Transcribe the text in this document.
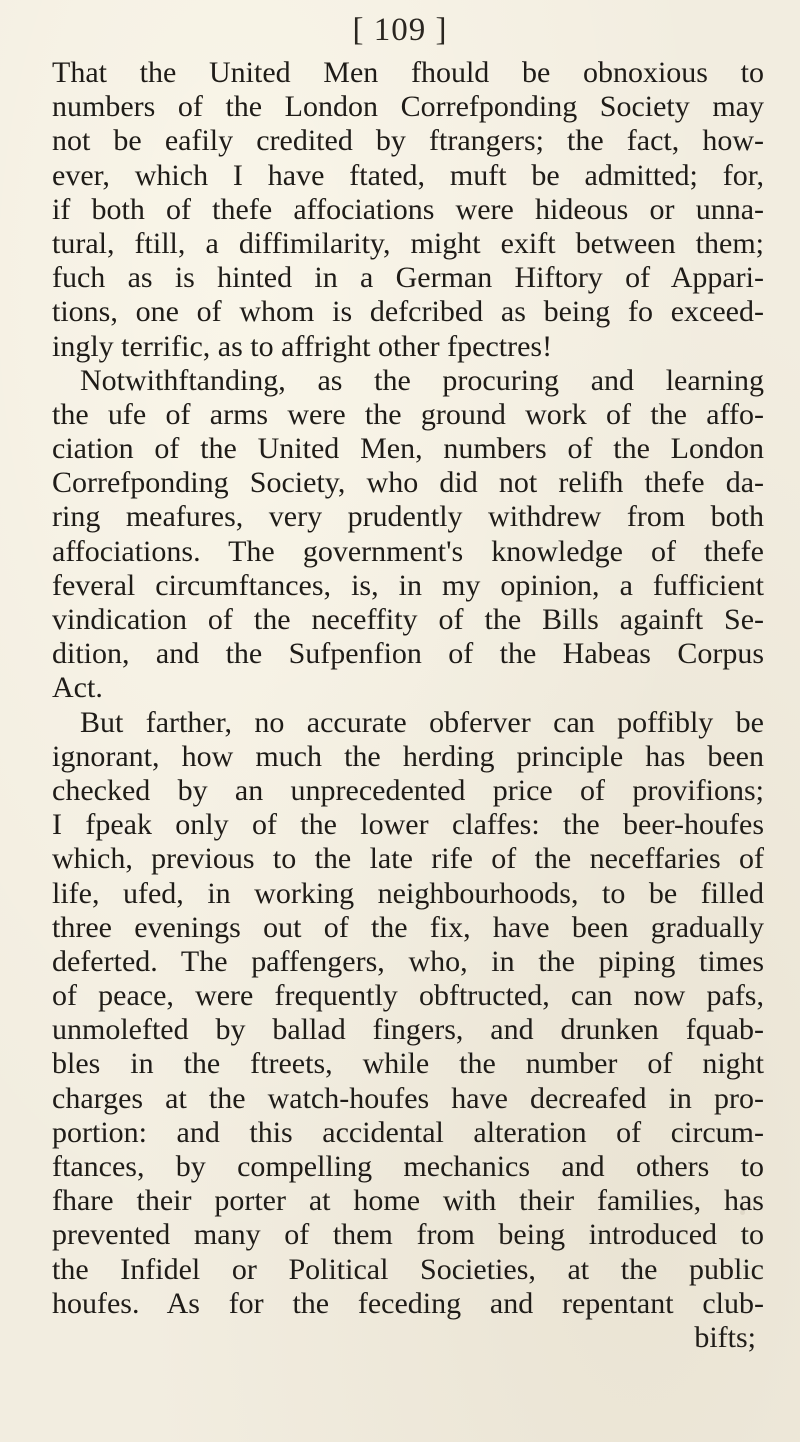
[ 109 ]
That the United Men fhould be obnoxious to
numbers of the London Correfponding Society may
not be eafily credited by ftrangers; the fact, how-
ever, which I have ftated, muft be admitted; for,
if both of thefe affociations were hideous or unna-
tural, ftill, a diffimilarity, might exift between them;
fuch as is hinted in a German Hiftory of Appari-
tions, one of whom is defcribed as being fo exceed-
ingly terrific, as to affright other fpectres!
Notwithftanding, as the procuring and learning
the ufe of arms were the ground work of the affo-
ciation of the United Men, numbers of the London
Correfponding Society, who did not relifh thefe da-
ring meafures, very prudently withdrew from both
affociations. The government's knowledge of thefe
feveral circumftances, is, in my opinion, a fufficient
vindication of the neceffity of the Bills againft Se-
dition, and the Sufpenfion of the Habeas Corpus
Act.
But farther, no accurate obferver can poffibly be
ignorant, how much the herding principle has been
checked by an unprecedented price of provifions;
I fpeak only of the lower claffes: the beer-houfes
which, previous to the late rife of the neceffaries of
life, ufed, in working neighbourhoods, to be filled
three evenings out of the fix, have been gradually
deferted. The paffengers, who, in the piping times
of peace, were frequently obftructed, can now pafs,
unmolefted by ballad fingers, and drunken fquab-
bles in the ftreets, while the number of night
charges at the watch-houfes have decreafed in pro-
portion: and this accidental alteration of circum-
ftances, by compelling mechanics and others to
fhare their porter at home with their families, has
prevented many of them from being introduced to
the Infidel or Political Societies, at the public
houfes. As for the feceding and repentant club-
bifts;
